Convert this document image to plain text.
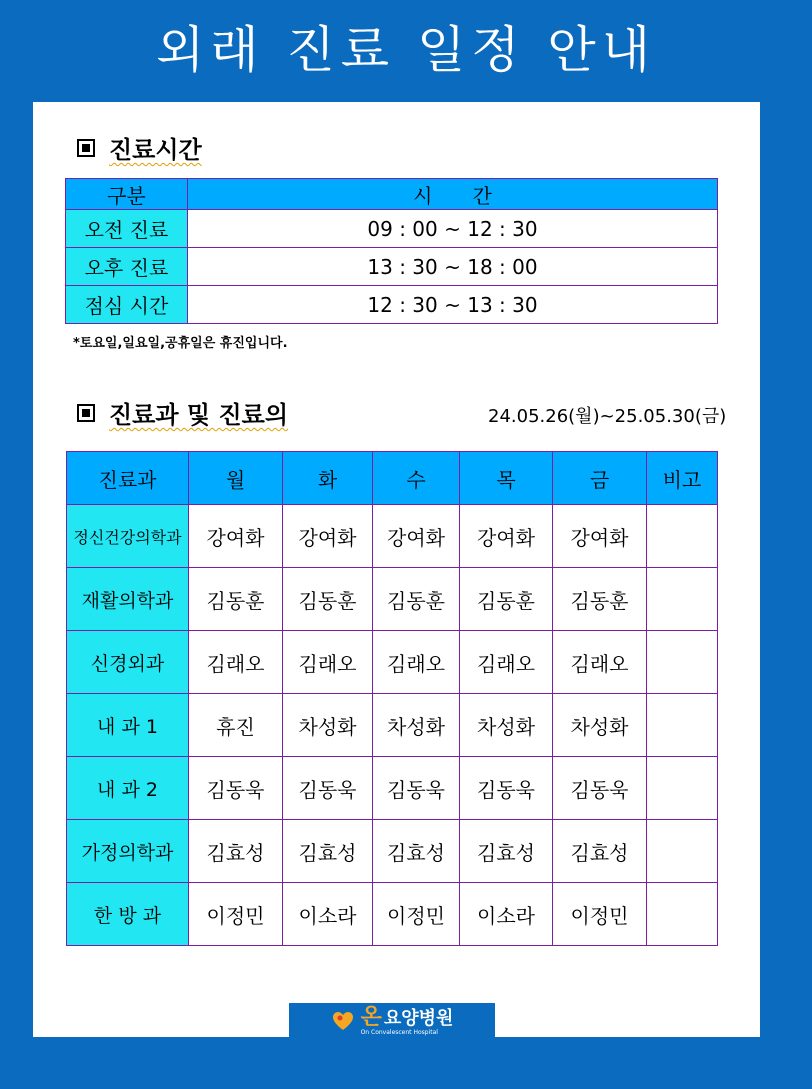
외래 진료 일정 안내
진료시간
구분	시　　간
오전 진료	09 : 00 ~ 12 : 30
오후 진료	13 : 30 ~ 18 : 00
점심 시간	12 : 30 ~ 13 : 30
*토요일,일요일,공휴일은 휴진입니다.
진료과 및 진료의	24.05.26(월)~25.05.30(금)
진료과	월	화	수	목	금	비고
정신건강의학과	강여화	강여화	강여화	강여화	강여화	
재활의학과	김동훈	김동훈	김동훈	김동훈	김동훈	
신경외과	김래오	김래오	김래오	김래오	김래오	
내 과 1	휴진	차성화	차성화	차성화	차성화	
내 과 2	김동욱	김동욱	김동욱	김동욱	김동욱	
가정의학과	김효성	김효성	김효성	김효성	김효성	
한 방 과	이정민	이소라	이정민	이소라	이정민	
온 요양병원
On Convalescent Hospital
